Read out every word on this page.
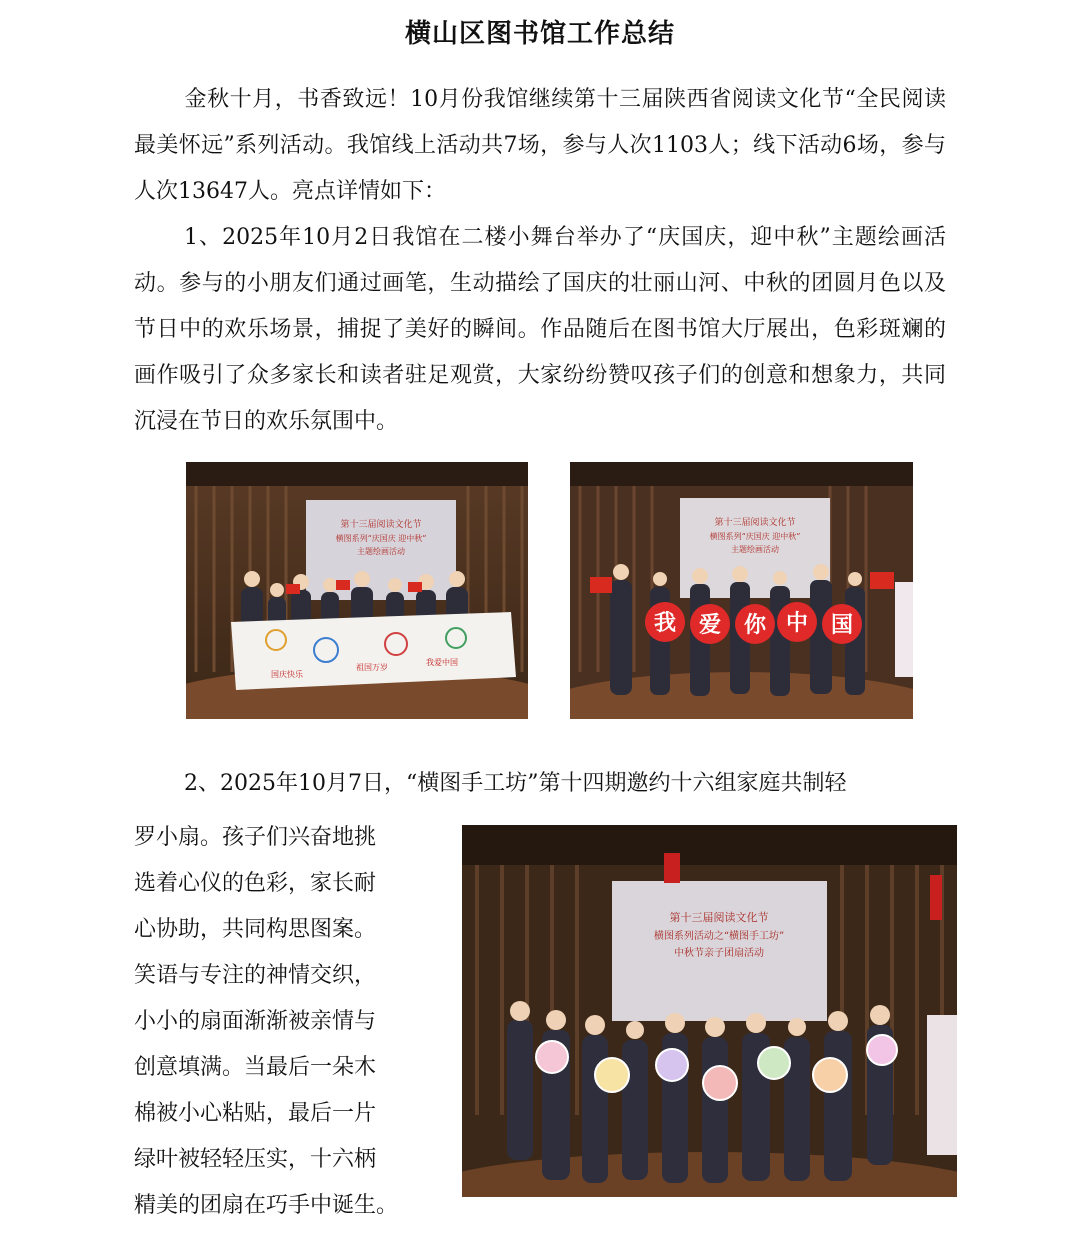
横山区图书馆工作总结
金秋十月，书香致远！10月份我馆继续第十三届陕西省阅读文化节“全民阅读 最美怀远”系列活动。我馆线上活动共7场，参与人次1103人；线下活动6场，参与人次13647人。亮点详情如下：
1、2025年10月2日我馆在二楼小舞台举办了“庆国庆，迎中秋”主题绘画活动。参与的小朋友们通过画笔，生动描绘了国庆的壮丽山河、中秋的团圆月色以及节日中的欢乐场景，捕捉了美好的瞬间。作品随后在图书馆大厅展出，色彩斑斓的画作吸引了众多家长和读者驻足观赏，大家纷纷赞叹孩子们的创意和想象力，共同沉浸在节日的欢乐氛围中。
第十三届阅读文化节
横图系列“庆国庆 迎中秋”
主题绘画活动
国庆快乐
祖国万岁
我爱中国
第十三届阅读文化节
横图系列“庆国庆 迎中秋”
主题绘画活动
我 爱 你 中 国
2、2025年10月7日，“横图手工坊”第十四期邀约十六组家庭共制轻
罗小扇。孩子们兴奋地挑
选着心仪的色彩，家长耐
心协助，共同构思图案。
笑语与专注的神情交织，
小小的扇面渐渐被亲情与
创意填满。当最后一朵木
棉被小心粘贴，最后一片
绿叶被轻轻压实，十六柄
精美的团扇在巧手中诞生。
第十三届阅读文化节
横图系列活动之“横图手工坊”
中秋节亲子团扇活动
